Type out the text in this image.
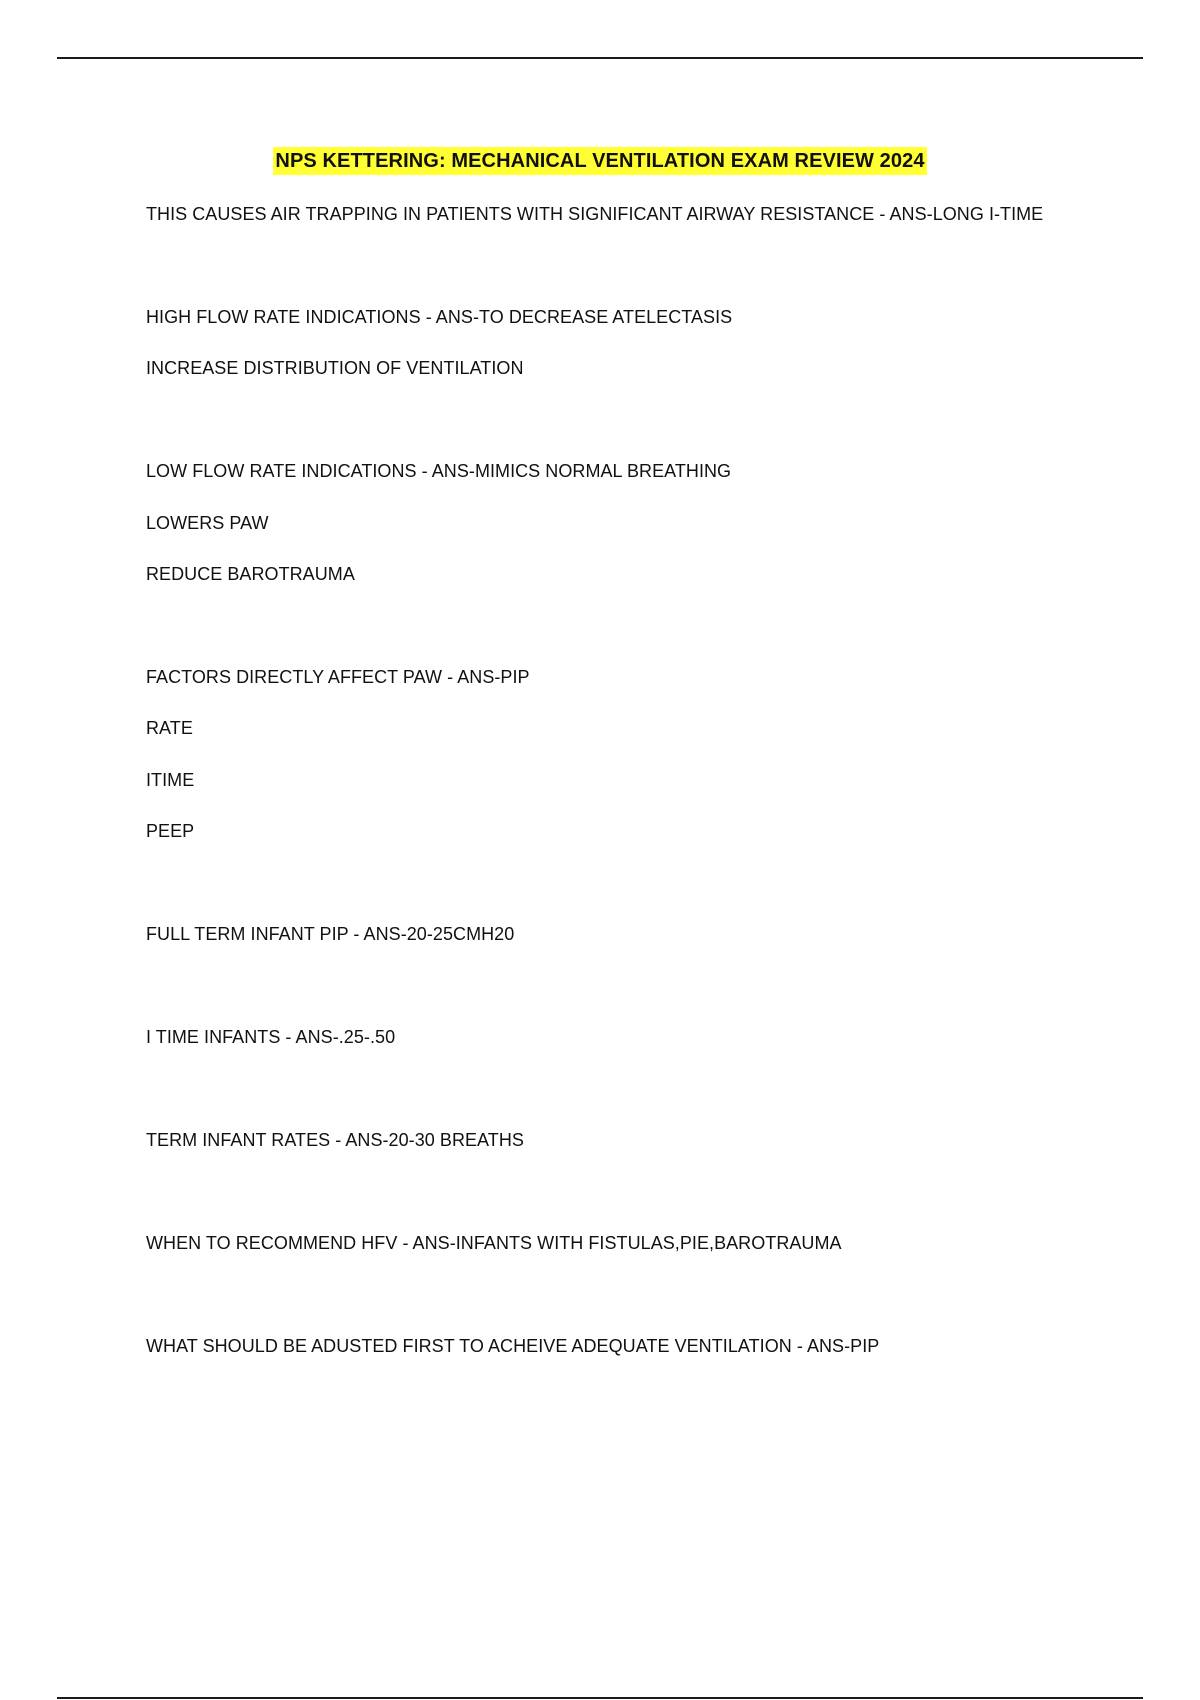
NPS KETTERING: MECHANICAL VENTILATION EXAM REVIEW 2024
THIS CAUSES AIR TRAPPING IN PATIENTS WITH SIGNIFICANT AIRWAY RESISTANCE - ANS-LONG I-TIME
HIGH FLOW RATE INDICATIONS - ANS-TO DECREASE ATELECTASIS
INCREASE DISTRIBUTION OF VENTILATION
LOW FLOW RATE INDICATIONS - ANS-MIMICS NORMAL BREATHING
LOWERS PAW
REDUCE BAROTRAUMA
FACTORS DIRECTLY AFFECT PAW - ANS-PIP
RATE
ITIME
PEEP
FULL TERM INFANT PIP - ANS-20-25CMH20
I TIME INFANTS - ANS-.25-.50
TERM INFANT RATES - ANS-20-30 BREATHS
WHEN TO RECOMMEND HFV - ANS-INFANTS WITH FISTULAS,PIE,BAROTRAUMA
WHAT SHOULD BE ADUSTED FIRST TO ACHEIVE ADEQUATE VENTILATION - ANS-PIP
